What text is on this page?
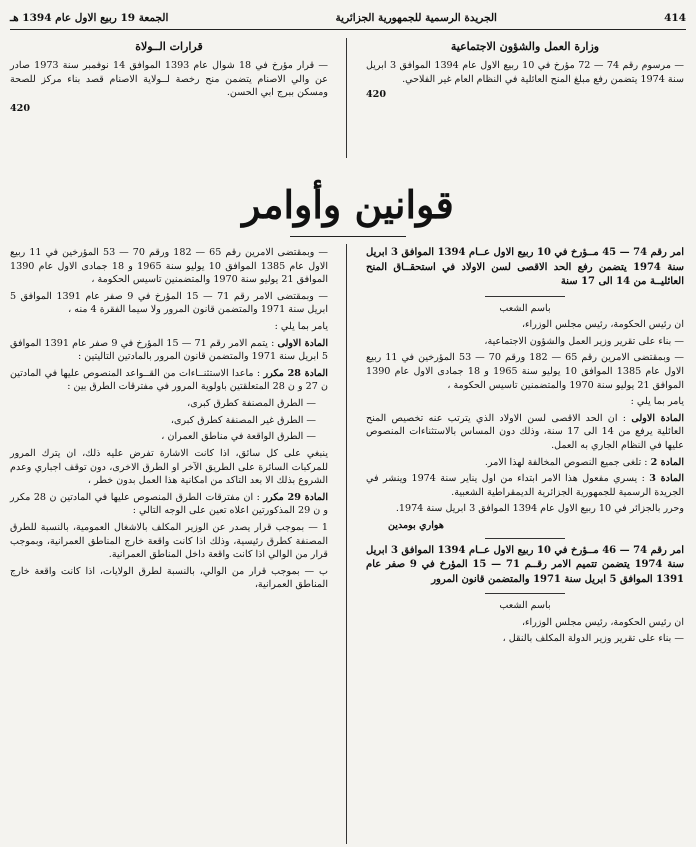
414
الجريدة الرسمية للجمهورية الجزائرية
الجمعة 19 ربيع الاول عام 1394 هـ
وزارة العمل والشؤون الاجتماعية

— مرسوم رقم 74 — 72 مؤرخ في 10 ربيع الاول عام 1394 الموافق 3 ابريل سنة 1974 يتضمن رفع مبلغ المنح العائلية في النظام العام غير الفلاحي.

420
قرارات الــولاة

— قرار مؤرخ في 18 شوال عام 1393 الموافق 14 نوفمبر سنة 1973 صادر عن والي الاصنام يتضمن منح رخصة لــولاية الاصنام قصد بناء مركز للصحة ومسكن ببرج ابي الحسن.

420
قوانين وأوامر
امر رقم 74 — 45 مــؤرخ في 10 ربيع الاول عــام 1394 الموافق 3 ابريل سنة 1974 يتضمن رفع الحد الاقصى لسن الاولاد في استحقــاق المنح العائليــة من 14 الى 17 سنة

باسم الشعب

ان رئيس الحكومة، رئيس مجلس الوزراء،

— بناء على تقرير وزير العمل والشؤون الاجتماعية،

— وبمقتضى الامرين رقم 65 — 182 ورقم 70 — 53 المؤرخين في 11 ربيع الاول عام 1385 الموافق 10 يوليو سنة 1965 و 18 جمادى الاول عام 1390 الموافق 21 يوليو سنة 1970 والمتضمنين تاسيس الحكومة ،

يامر بما يلي :

المادة الاولى : ان الحد الاقصى لسن الاولاد الذي يترتب عنه تخصيص المنح العائلية يرفع من 14 الى 17 سنة، وذلك دون المساس بالاستثناءات المنصوص عليها في النظام الجاري به العمل.

المادة 2 : تلغى جميع النصوص المخالفة لهذا الامر.

المادة 3 : يسري مفعول هذا الامر ابتداء من اول يناير سنة 1974 وينشر في الجريدة الرسمية للجمهورية الجزائرية الديمقراطية الشعبية.

وحرر بالجزائر في 10 ربيع الاول عام 1394 الموافق 3 ابريل سنة 1974.

هواري بومدين

امر رقم 74 — 46 مــؤرخ في 10 ربيع الاول عــام 1394 الموافق 3 ابريل سنة 1974 يتضمن تتميم الامر رقــم 71 — 15 المؤرخ في 9 صفر عام 1391 الموافق 5 ابريل سنة 1971 والمتضمن قانون المرور

باسم الشعب

ان رئيس الحكومة، رئيس مجلس الوزراء،

— بناء على تقرير وزير الدولة المكلف بالنقل ،

— وبمقتضى الامرين رقم 65 — 182 ورقم 70 — 53 المؤرخين في 11 ربيع الاول عام 1385 الموافق 10 يوليو سنة 1965 و 18 جمادى الاول عام 1390 الموافق 21 يوليو سنة 1970 والمتضمنين تاسيس الحكومة ،

— وبمقتضى الامر رقم 71 — 15 المؤرخ في 9 صفر عام 1391 الموافق 5 ابريل سنة 1971 والمتضمن قانون المرور ولا سيما الفقرة 4 منه ،

يامر بما يلي :

المادة الاولى : يتمم الامر رقم 71 — 15 المؤرخ في 9 صفر عام 1391 الموافق 5 ابريل سنة 1971 والمتضمن قانون المرور بالمادتين التاليتين :

المادة 28 مكرر : ماعدا الاستثنــاءات من القــواعد المنصوص عليها في المادتين ن 27 و ن 28 المتعلقتين باولوية المرور في مفترقات الطرق بين :

— الطرق المصنفة كطرق كبرى،

— الطرق غير المصنفة كطرق كبرى،

— الطرق الواقعة في مناطق العمران ،

ينبغي على كل سائق، اذا كانت الاشارة تفرض عليه ذلك، ان يترك المرور للمركبات السائرة على الطريق الآخر او الطرق الاخرى، دون توقف اجباري وعدم الشروع بذلك الا بعد التاكد من امكانية هذا العمل بدون خطر ،

المادة 29 مكرر : ان مفترقات الطرق المنصوص عليها في المادتين ن 28 مكرر و ن 29 المذكورتين اعلاه تعين على الوجه التالي :

1 — بموجب قرار يصدر عن الوزير المكلف بالاشغال العمومية، بالنسبة للطرق المصنفة كطرق رئيسية، وذلك اذا كانت واقعة خارج المناطق العمرانية، وبموجب قرار من الوالي اذا كانت واقعة داخل المناطق العمرانية.

ب — بموجب قرار من الوالي، بالنسبة لطرق الولايات، اذا كانت واقعة خارج المناطق العمرانية،
